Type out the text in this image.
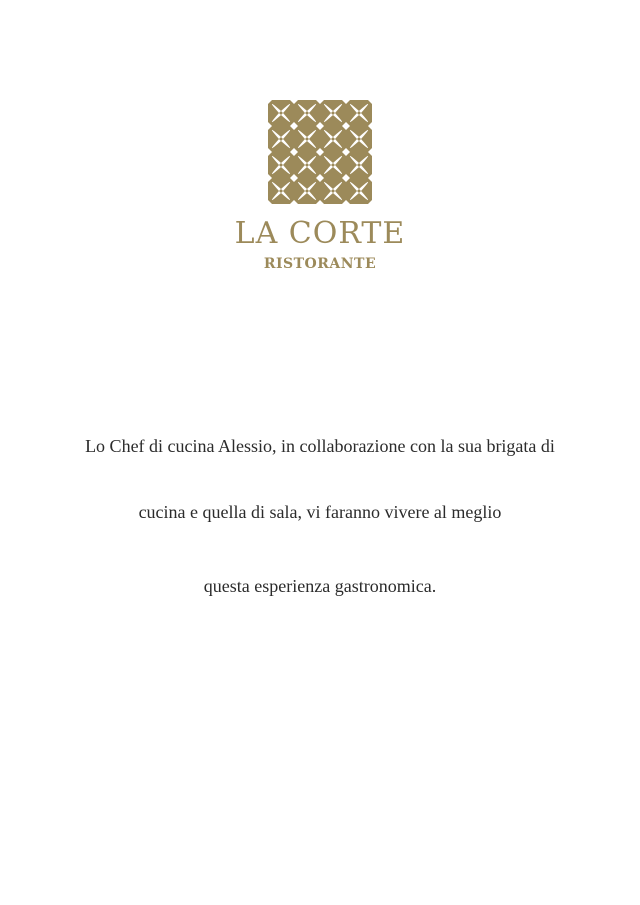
LA CORTE
RISTORANTE
Lo Chef di cucina Alessio, in collaborazione con la sua brigata di
cucina e quella di sala, vi faranno vivere al meglio
questa esperienza gastronomica.
